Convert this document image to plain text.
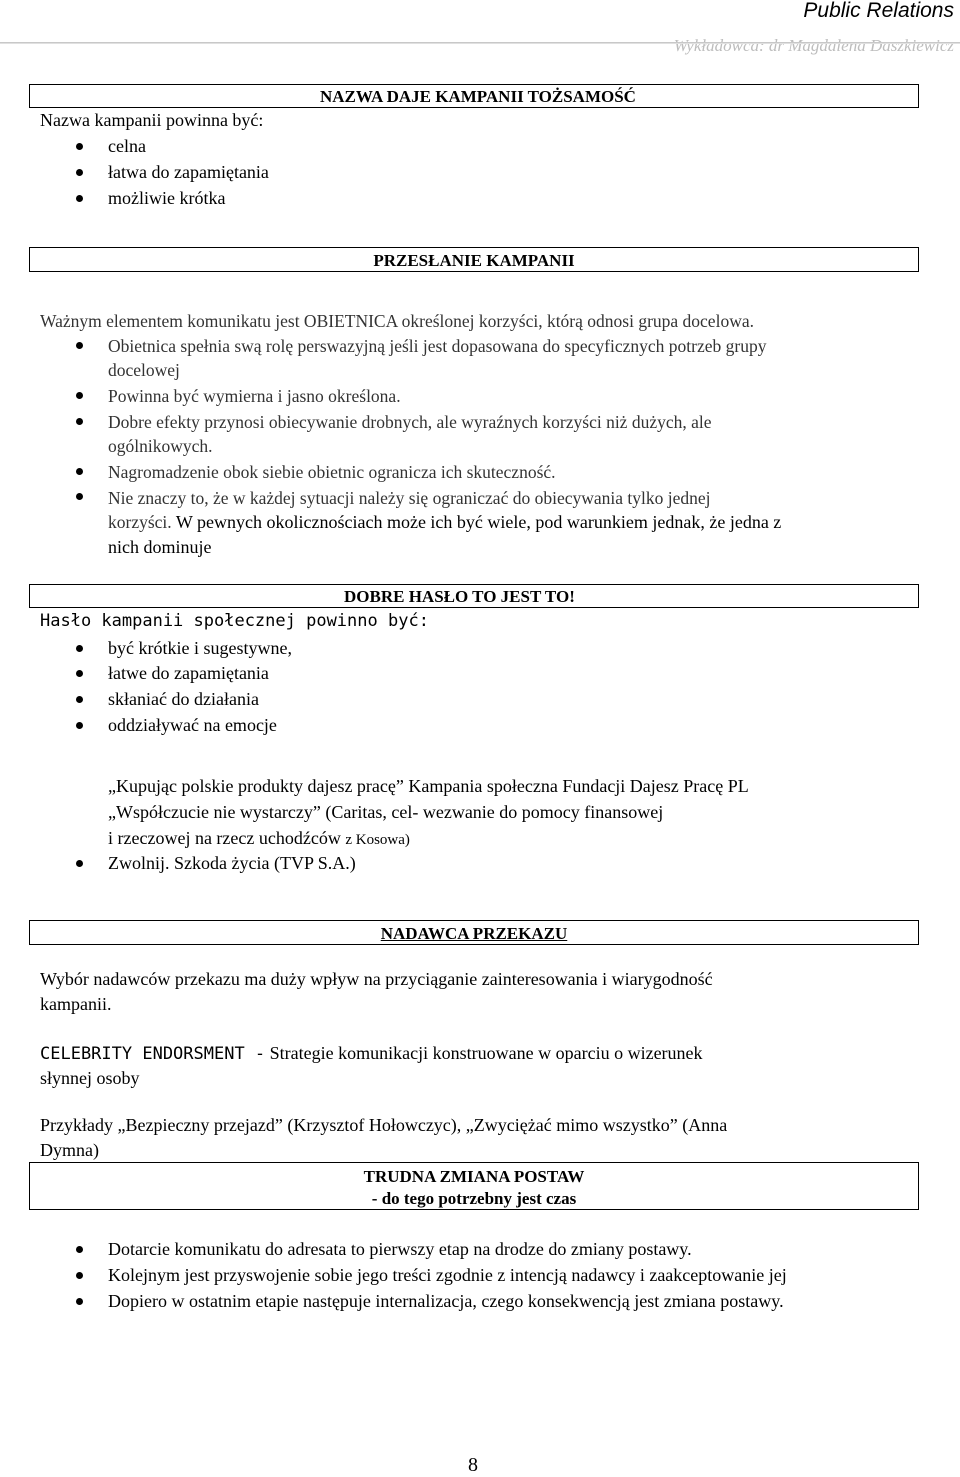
Public Relations
Wykładowca: dr Magdalena Daszkiewicz
NAZWA DAJE KAMPANII TOŻSAMOŚĆ
Nazwa kampanii powinna być:
celna
łatwa do zapamiętania
możliwie krótka
PRZESŁANIE KAMPANII
Ważnym elementem komunikatu jest OBIETNICA określonej korzyści, którą odnosi grupa docelowa.
Obietnica spełnia swą rolę perswazyjną jeśli jest dopasowana do specyficznych potrzeb grupy
docelowej
Powinna być wymierna i jasno określona.
Dobre efekty przynosi obiecywanie drobnych, ale wyraźnych korzyści niż dużych, ale
ogólnikowych.
Nagromadzenie obok siebie obietnic ogranicza ich skuteczność.
Nie znaczy to, że w każdej sytuacji należy się ograniczać do obiecywania tylko jednej
korzyści. W pewnych okolicznościach może ich być wiele, pod warunkiem jednak, że jedna z
nich dominuje
DOBRE HASŁO TO JEST TO!
Hasło kampanii społecznej powinno być:
być krótkie i sugestywne,
łatwe do zapamiętania
skłaniać do działania
oddziaływać na emocje
„Kupując polskie produkty dajesz pracę” Kampania społeczna Fundacji Dajesz Pracę PL
„Współczucie nie wystarczy” (Caritas, cel- wezwanie do pomocy finansowej
i rzeczowej na rzecz uchodźców z Kosowa)
Zwolnij. Szkoda życia (TVP S.A.)
NADAWCA PRZEKAZU
Wybór nadawców przekazu ma duży wpływ na przyciąganie zainteresowania i wiarygodność
kampanii.
CELEBRITY ENDORSMENT - Strategie komunikacji konstruowane w oparciu o wizerunek
słynnej osoby
Przykłady „Bezpieczny przejazd” (Krzysztof Hołowczyc), „Zwyciężać mimo wszystko” (Anna
Dymna)
TRUDNA ZMIANA POSTAW
- do tego potrzebny jest czas
Dotarcie komunikatu do adresata to pierwszy etap na drodze do zmiany postawy.
Kolejnym jest przyswojenie sobie jego treści zgodnie z intencją nadawcy i zaakceptowanie jej
Dopiero w ostatnim etapie następuje internalizacja, czego konsekwencją jest zmiana postawy.
8
